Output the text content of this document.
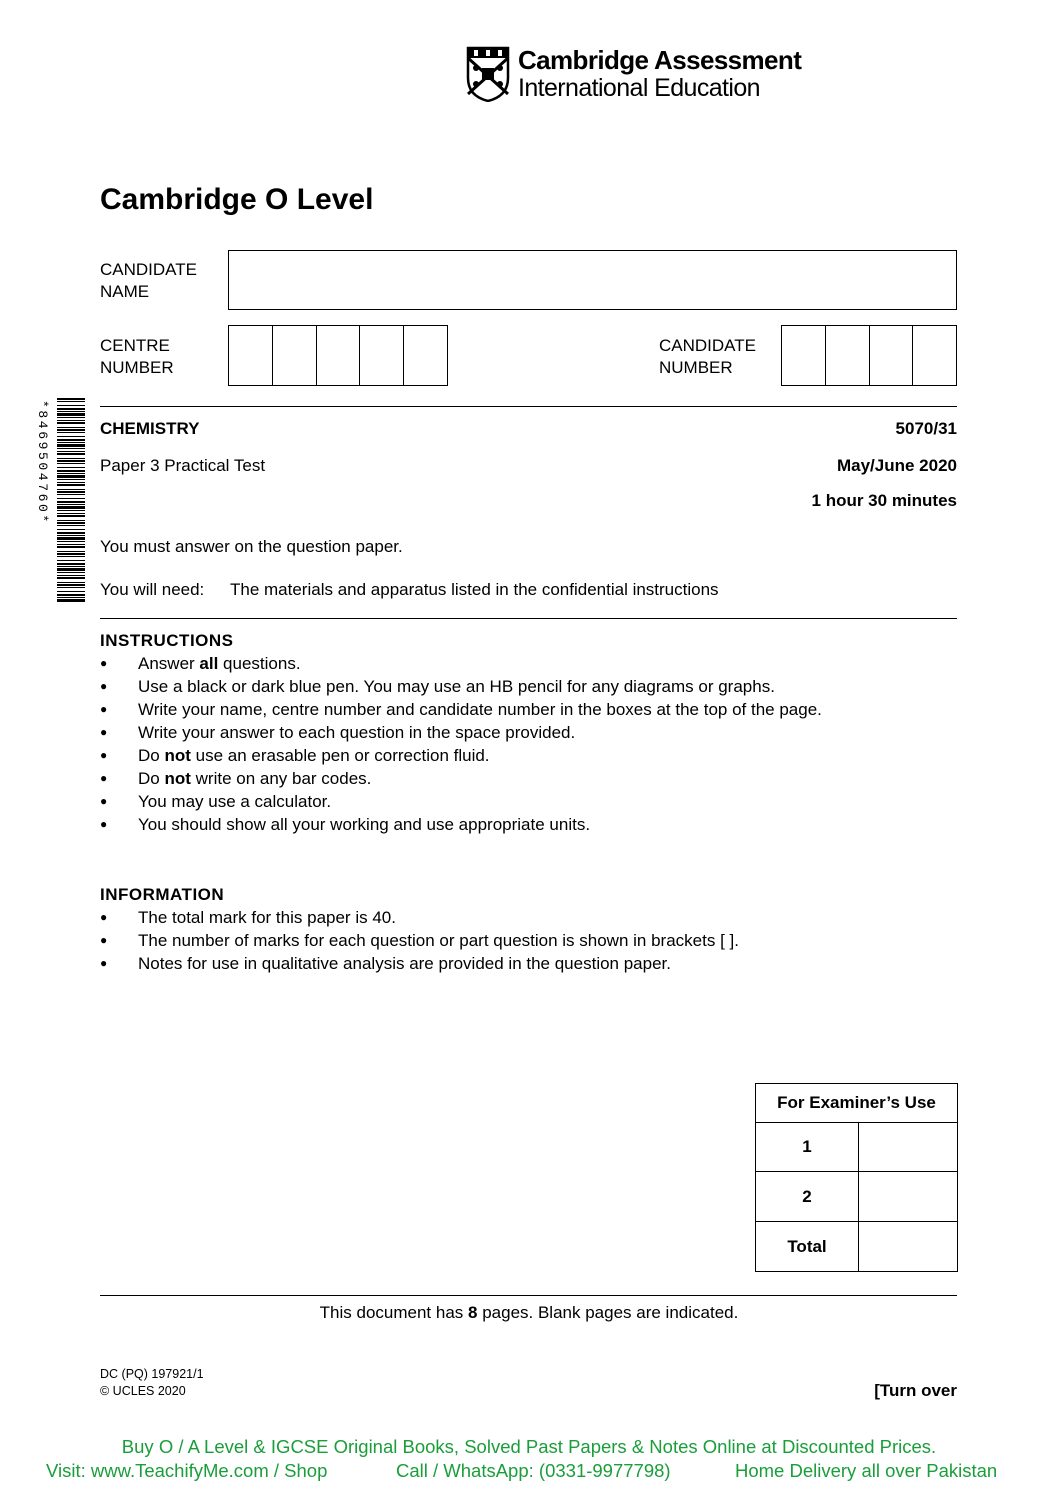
Cambridge Assessment
International Education
Cambridge O Level
CANDIDATE
NAME
CENTRE
NUMBER
CANDIDATE
NUMBER
*8469504760*	CHEMISTRY	5070/31
Paper 3 Practical Test	May/June 2020
1 hour 30 minutes
You must answer on the question paper.
You will need: The materials and apparatus listed in the confidential instructions
INSTRUCTIONS
● Answer all questions.
● Use a black or dark blue pen. You may use an HB pencil for any diagrams or graphs.
● Write your name, centre number and candidate number in the boxes at the top of the page.
● Write your answer to each question in the space provided.
● Do not use an erasable pen or correction fluid.
● Do not write on any bar codes.
● You may use a calculator.
● You should show all your working and use appropriate units.
INFORMATION
● The total mark for this paper is 40.
● The number of marks for each question or part question is shown in brackets [ ].
● Notes for use in qualitative analysis are provided in the question paper.
For Examiner’s Use	
1	
2	
Total	
This document has 8 pages. Blank pages are indicated.
DC (PQ) 197921/1
© UCLES 2020	[Turn over
Buy O / A Level & IGCSE Original Books, Solved Past Papers & Notes Online at Discounted Prices.
Visit: www.TeachifyMe.com / Shop	Call / WhatsApp: (0331-9977798)	Home Delivery all over Pakistan
